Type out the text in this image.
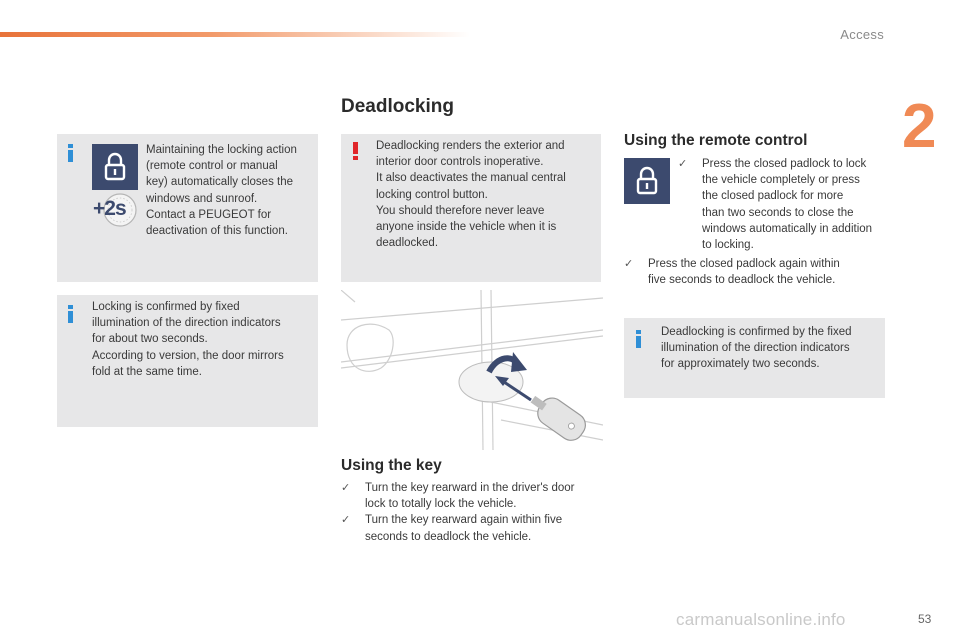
Access
2
Deadlocking
+2s
Maintaining the locking action
(remote control or manual
key) automatically closes the
windows and sunroof.
Contact a PEUGEOT for
deactivation of this function.
Locking is confirmed by fixed
illumination of the direction indicators
for about two seconds.
According to version, the door mirrors
fold at the same time.
Deadlocking renders the exterior and
interior door controls inoperative.
It also deactivates the manual central
locking control button.
You should therefore never leave
anyone inside the vehicle when it is
deadlocked.
Using the key
✓ Turn the key rearward in the driver's door
lock to totally lock the vehicle.
✓ Turn the key rearward again within five
seconds to deadlock the vehicle.
Using the remote control
✓ Press the closed padlock to lock
the vehicle completely or press
the closed padlock for more
than two seconds to close the
windows automatically in addition
to locking.
✓ Press the closed padlock again within
five seconds to deadlock the vehicle.
Deadlocking is confirmed by the fixed
illumination of the direction indicators
for approximately two seconds.
carmanualsonline.info	53
